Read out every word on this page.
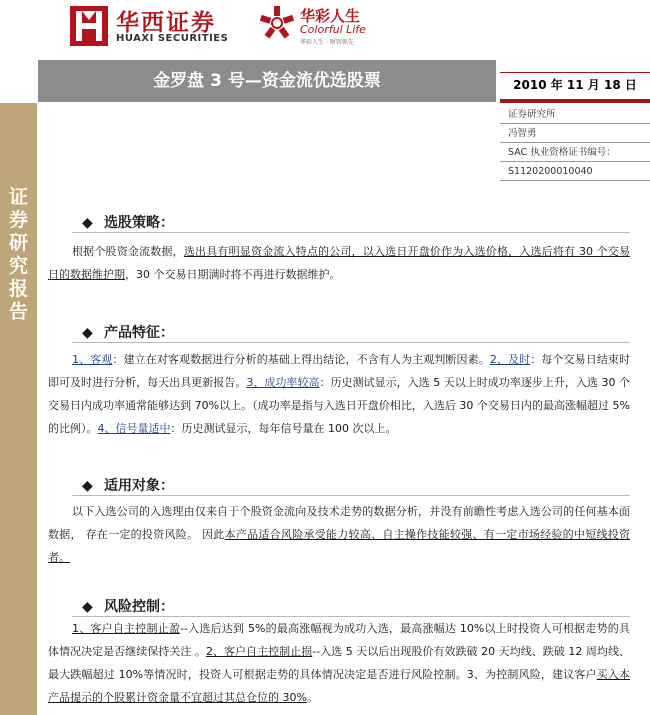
华西证券
HUAXI SECURITIES
华彩人生
Colorful Life
华彩人生 · 财智领先
金罗盘 3 号—资金流优选股票	2010 年 11 月 18 日
证
券
研
究
报
告
证券研究所
冯智勇
SAC 执业资格证书编号：
S1120200010040
◆ 选股策略：
根据个股资金流数据，选出具有明显资金流入特点的公司，以入选日开盘价作为入选价格，入选后将有 30 个交易日的数据维护期，30 个交易日期满时将不再进行数据维护。
◆ 产品特征：
1、客观：建立在对客观数据进行分析的基础上得出结论，不含有人为主观判断因素。2、及时：每个交易日结束时即可及时进行分析，每天出具更新报告。3、成功率较高：历史测试显示，入选 5 天以上时成功率逐步上升，入选 30 个交易日内成功率通常能够达到 70%以上。（成功率是指与入选日开盘价相比，入选后 30 个交易日内的最高涨幅超过 5%的比例）。4、信号量适中：历史测试显示，每年信号量在 100 次以上。
◆ 适用对象：
以下入选公司的入选理由仅来自于个股资金流向及技术走势的数据分析，并没有前瞻性考虑入选公司的任何基本面数据， 存在一定的投资风险。 因此本产品适合风险承受能力较高、自主操作技能较强、有一定市场经验的中短线投资者。
◆ 风险控制：
1、客户自主控制止盈--入选后达到 5%的最高涨幅视为成功入选，最高涨幅达 10%以上时投资人可根据走势的具体情况决定是否继续保持关注 。2、客户自主控制止损--入选 5 天以后出现股价有效跌破 20 天均线、跌破 12 周均线、最大跌幅超过 10%等情况时，投资人可根据走势的具体情况决定是否进行风险控制。3、为控制风险，建议客户买入本产品提示的个股累计资金量不宜超过其总仓位的 30%。
